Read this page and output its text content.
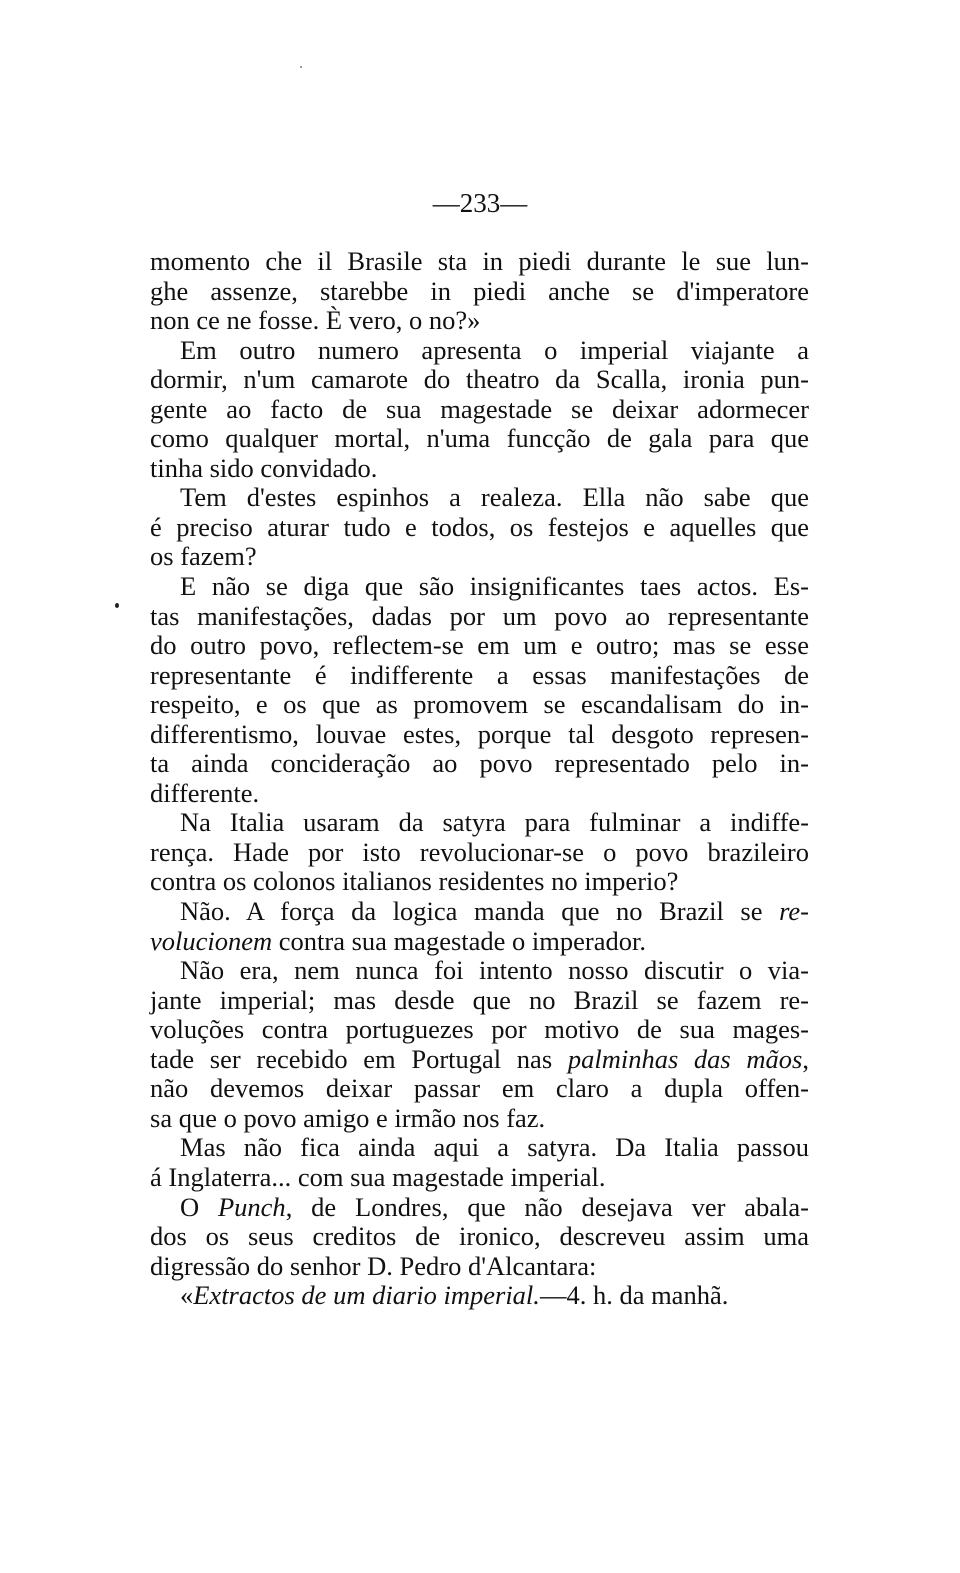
—233—
momento che il Brasile sta in piedi durante le sue lun-
ghe assenze, starebbe in piedi anche se d'imperatore
non ce ne fosse. È vero, o no?»
Em outro numero apresenta o imperial viajante a
dormir, n'um camarote do theatro da Scalla, ironia pun-
gente ao facto de sua magestade se deixar adormecer
como qualquer mortal, n'uma funcção de gala para que
tinha sido convidado.
Tem d'estes espinhos a realeza. Ella não sabe que
é preciso aturar tudo e todos, os festejos e aquelles que
os fazem?
E não se diga que são insignificantes taes actos. Es-
tas manifestações, dadas por um povo ao representante
do outro povo, reflectem-se em um e outro; mas se esse
representante é indifferente a essas manifestações de
respeito, e os que as promovem se escandalisam do in-
differentismo, louvae estes, porque tal desgoto represen-
ta ainda concideração ao povo representado pelo in-
differente.
Na Italia usaram da satyra para fulminar a indiffe-
rença. Hade por isto revolucionar-se o povo brazileiro
contra os colonos italianos residentes no imperio?
Não. A força da logica manda que no Brazil se re-
volucionem contra sua magestade o imperador.
Não era, nem nunca foi intento nosso discutir o via-
jante imperial; mas desde que no Brazil se fazem re-
voluções contra portuguezes por motivo de sua mages-
tade ser recebido em Portugal nas palminhas das mãos,
não devemos deixar passar em claro a dupla offen-
sa que o povo amigo e irmão nos faz.
Mas não fica ainda aqui a satyra. Da Italia passou
á Inglaterra... com sua magestade imperial.
O Punch, de Londres, que não desejava ver abala-
dos os seus creditos de ironico, descreveu assim uma
digressão do senhor D. Pedro d'Alcantara:
«Extractos de um diario imperial.—4. h. da manhã.
